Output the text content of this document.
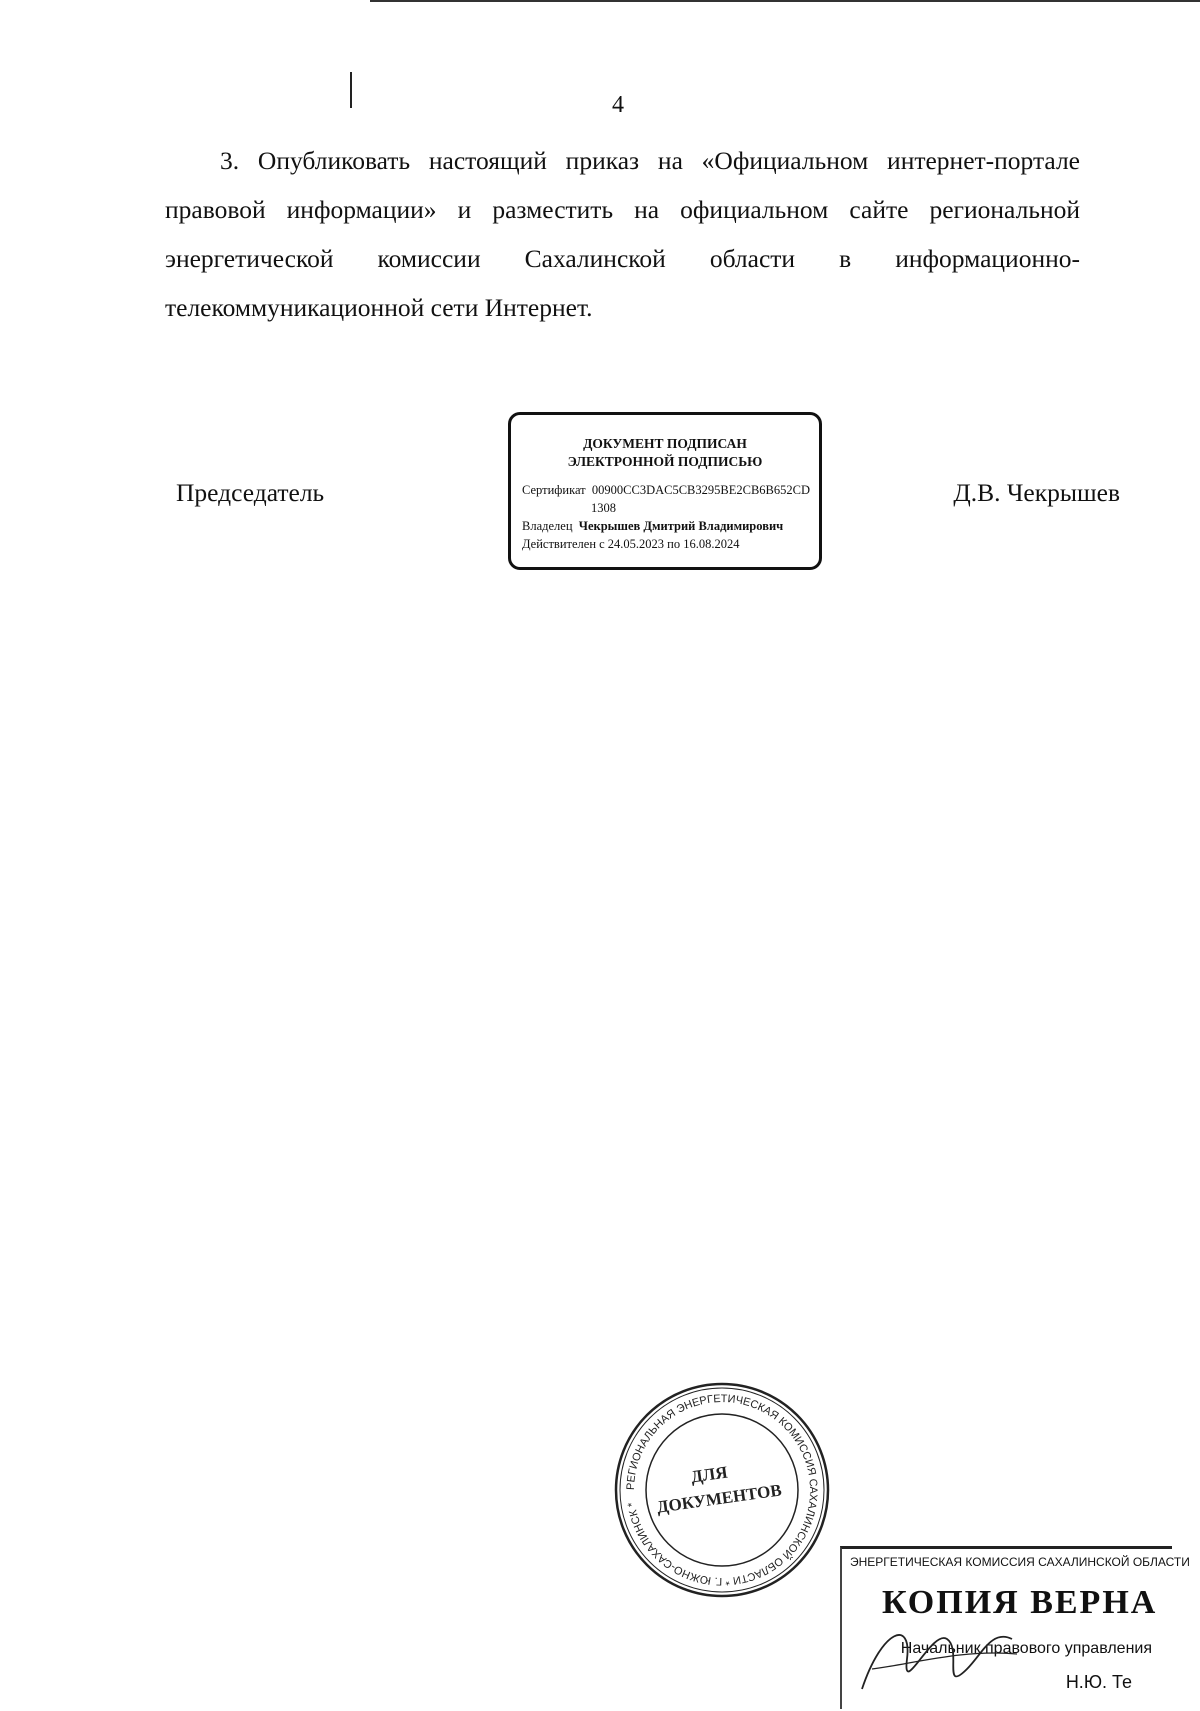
4
3. Опубликовать настоящий приказ на «Официальном интернет-портале
правовой информации» и разместить на официальном сайте региональной
энергетической комиссии Сахалинской области в информационно-
телекоммуникационной сети Интернет.
Председатель
ДОКУМЕНТ ПОДПИСАН
ЭЛЕКТРОННОЙ ПОДПИСЬЮ
Сертификат 00900CC3DAC5CB3295BE2CB6B652CD
1308
Владелец Чекрышев Дмитрий Владимирович
Действителен с 24.05.2023 по 16.08.2024
Д.В. Чекрышев
РЕГИОНАЛЬНАЯ ЭНЕРГЕТИЧЕСКАЯ КОМИССИЯ САХАЛИНСКОЙ ОБЛАСТИ * Г. ЮЖНО-САХАЛИНСК *
ДЛЯ
ДОКУМЕНТОВ
ЭНЕРГЕТИЧЕСКАЯ КОМИССИЯ САХАЛИНСКОЙ ОБЛАСТИ
КОПИЯ ВЕРНА
Начальник правового управления
Н.Ю. Те
